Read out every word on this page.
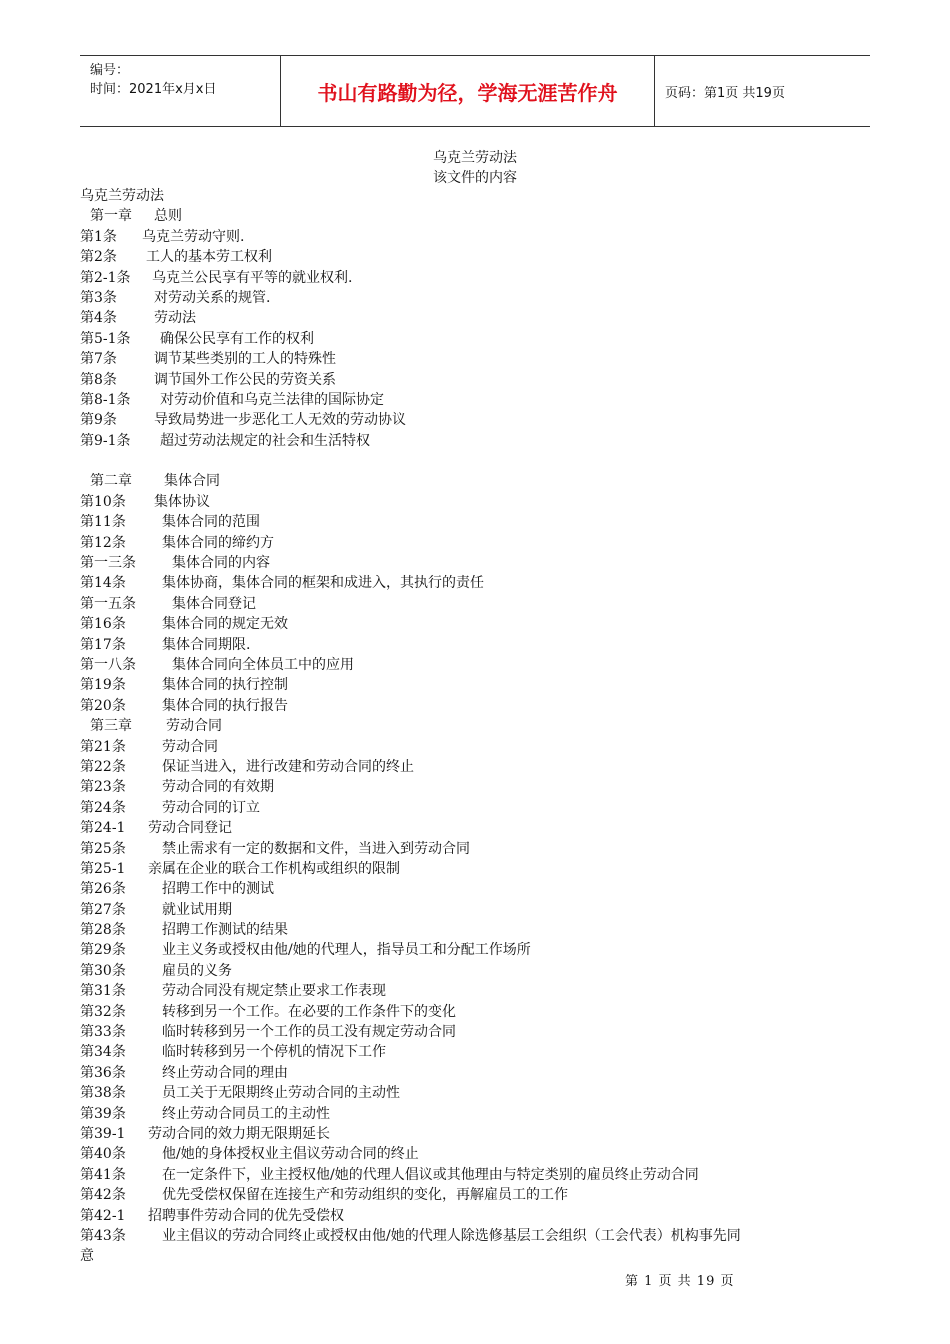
编号：
时间：2021年x月x日	书山有路勤为径，学海无涯苦作舟	页码：第1页 共19页
乌克兰劳动法
该文件的内容
乌克兰劳动法
第一章	总则
第1条	乌克兰劳动守则.
第2条	工人的基本劳工权利
第2-1条	乌克兰公民享有平等的就业权利.
第3条	对劳动关系的规管.
第4条	劳动法
第5-1条	确保公民享有工作的权利
第7条	调节某些类别的工人的特殊性
第8条	调节国外工作公民的劳资关系
第8-1条	对劳动价值和乌克兰法律的国际协定
第9条	导致局势进一步恶化工人无效的劳动协议
第9-1条	超过劳动法规定的社会和生活特权
第二章	集体合同
第10条	集体协议
第11条	集体合同的范围
第12条	集体合同的缔约方
第一三条	集体合同的内容
第14条	集体协商，集体合同的框架和成进入，其执行的责任
第一五条	集体合同登记
第16条	集体合同的规定无效
第17条	集体合同期限.
第一八条	集体合同向全体员工中的应用
第19条	集体合同的执行控制
第20条	集体合同的执行报告
第三章	劳动合同
第21条	劳动合同
第22条	保证当进入，进行改建和劳动合同的终止
第23条	劳动合同的有效期
第24条	劳动合同的订立
第24-1	劳动合同登记
第25条	禁止需求有一定的数据和文件，当进入到劳动合同
第25-1	亲属在企业的联合工作机构或组织的限制
第26条	招聘工作中的测试
第27条	就业试用期
第28条	招聘工作测试的结果
第29条	业主义务或授权由他/她的代理人，指导员工和分配工作场所
第30条	雇员的义务
第31条	劳动合同没有规定禁止要求工作表现
第32条	转移到另一个工作。在必要的工作条件下的变化
第33条	临时转移到另一个工作的员工没有规定劳动合同
第34条	临时转移到另一个停机的情况下工作
第36条	终止劳动合同的理由
第38条	员工关于无限期终止劳动合同的主动性
第39条	终止劳动合同员工的主动性
第39-1	劳动合同的效力期无限期延长
第40条	他/她的身体授权业主倡议劳动合同的终止
第41条	在一定条件下，业主授权他/她的代理人倡议或其他理由与特定类别的雇员终止劳动合同
第42条	优先受偿权保留在连接生产和劳动组织的变化，再解雇员工的工作
第42-1	招聘事件劳动合同的优先受偿权
第43条	业主倡议的劳动合同终止或授权由他/她的代理人除选修基层工会组织（工会代表）机构事先同
意
第 1 页 共 19 页
